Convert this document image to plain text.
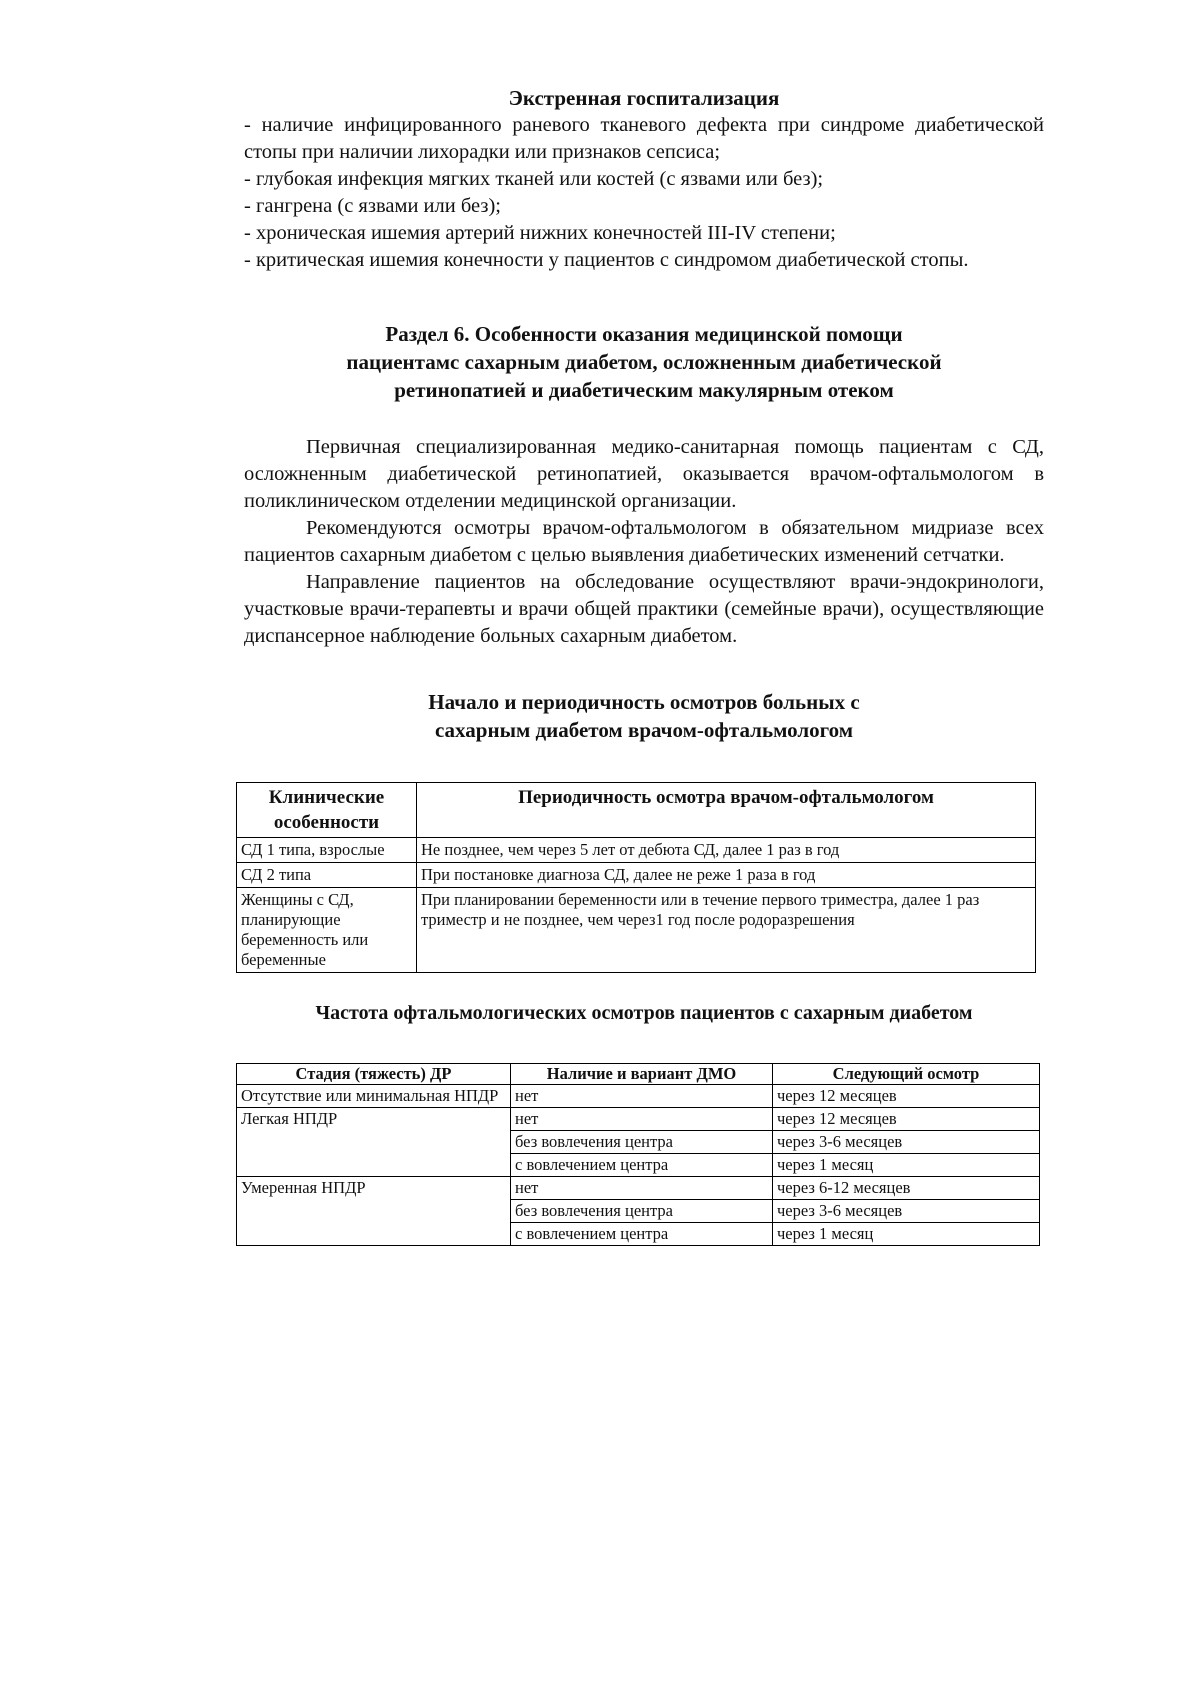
Экстренная госпитализация

- наличие инфицированного раневого тканевого дефекта при синдроме диабетической стопы при наличии лихорадки или признаков сепсиса;

- глубокая инфекция мягких тканей или костей (с язвами или без);

- гангрена (с язвами или без);

- хроническая ишемия артерий нижних конечностей III-IV степени;

- критическая ишемия конечности у пациентов с синдромом диабетической стопы.

Раздел 6. Особенности оказания медицинской помощи
пациентамс сахарным диабетом, осложненным диабетической
ретинопатией и диабетическим макулярным отеком

Первичная специализированная медико-санитарная помощь пациентам с СД, осложненным диабетической ретинопатией, оказывается врачом-офтальмологом в поликлиническом отделении медицинской организации.

Рекомендуются осмотры врачом-офтальмологом в обязательном мидриазе всех пациентов сахарным диабетом с целью выявления диабетических изменений сетчатки.

Направление пациентов на обследование осуществляют врачи-эндокринологи, участковые врачи-терапевты и врачи общей практики (семейные врачи), осуществляющие диспансерное наблюдение больных сахарным диабетом.

Начало и периодичность осмотров больных с
сахарным диабетом врачом-офтальмологом
Клинические особенности	Периодичность осмотра врачом-офтальмологом
СД 1 типа, взрослые	Не позднее, чем через 5 лет от дебюта СД, далее 1 раз в год
СД 2 типа	При постановке диагноза СД, далее не реже 1 раза в год
Женщины с СД, планирующие беременность или беременные	При планировании беременности или в течение первого триместра, далее 1 раз триместр и не позднее, чем через1 год после родоразрешения
Частота офтальмологических осмотров пациентов с сахарным диабетом
Стадия (тяжесть) ДР	Наличие и вариант ДМО	Следующий осмотр
Отсутствие или минимальная НПДР	нет	через 12 месяцев
Легкая НПДР	нет	через 12 месяцев
	без вовлечения центра	через 3-6 месяцев
	с вовлечением центра	через 1 месяц
Умеренная НПДР	нет	через 6-12 месяцев
	без вовлечения центра	через 3-6 месяцев
	с вовлечением центра	через 1 месяц
